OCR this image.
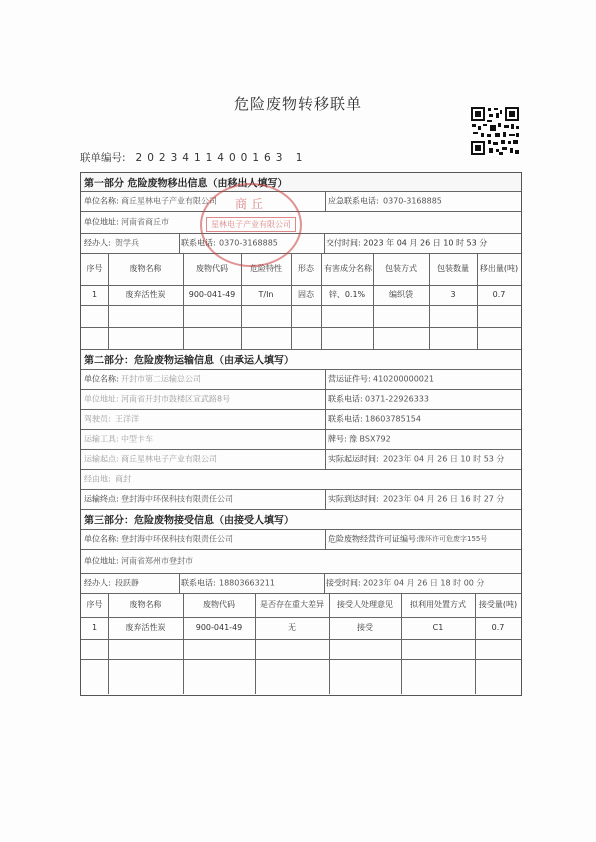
危险废物转移联单
联单编号: 2023411400163 1
第一部分 危险废物移出信息（由移出人填写）
单位名称: 商丘星林电子产业有限公司	应急联系电话: 0370-3168885
单位地址: 河南省商丘市
经办人: 贺学兵	联系电话: 0370-3168885	交付时间: 2023 年 04 月 26 日 10 时 53 分
序号	废物名称	废物代码	危险特性	形态	有害成分名称	包装方式	包装数量	移出量(吨)
1	废弃活性炭	900-041-49	T/In	固态	锌、0.1%	编织袋	3	0.7
第二部分：危险废物运输信息（由承运人填写）
单位名称: 开封市第二运输总公司	营运证件号: 410200000021
单位地址: 河南省开封市鼓楼区宣武路8号	联系电话: 0371-22926333
驾驶员: 王洋洋	联系电话: 18603785154
运输工具: 中型卡车	牌号: 豫 BSX792
运输起点: 商丘星林电子产业有限公司	实际起运时间: 2023年 04 月 26 日 10 时 53 分
经由地: 商封
运输终点: 登封海中环保科技有限责任公司	实际到达时间: 2023年 04 月 26 日 16 时 27 分
第三部分：危险废物接受信息（由接受人填写）
单位名称: 登封海中环保科技有限责任公司	危险废物经营许可证编号: 豫环许可危废字155号
单位地址: 河南省郑州市登封市
经办人: 段跃静	联系电话: 18803663211	接受时间: 2023年 04 月 26 日 18 时 00 分
序号	废物名称	废物代码	是否存在重大差异	接受人处理意见	拟利用处置方式	接受量(吨)
1	废弃活性炭	900-041-49	无	接受	C1	0.7
商丘
星林电子产业有限公司
